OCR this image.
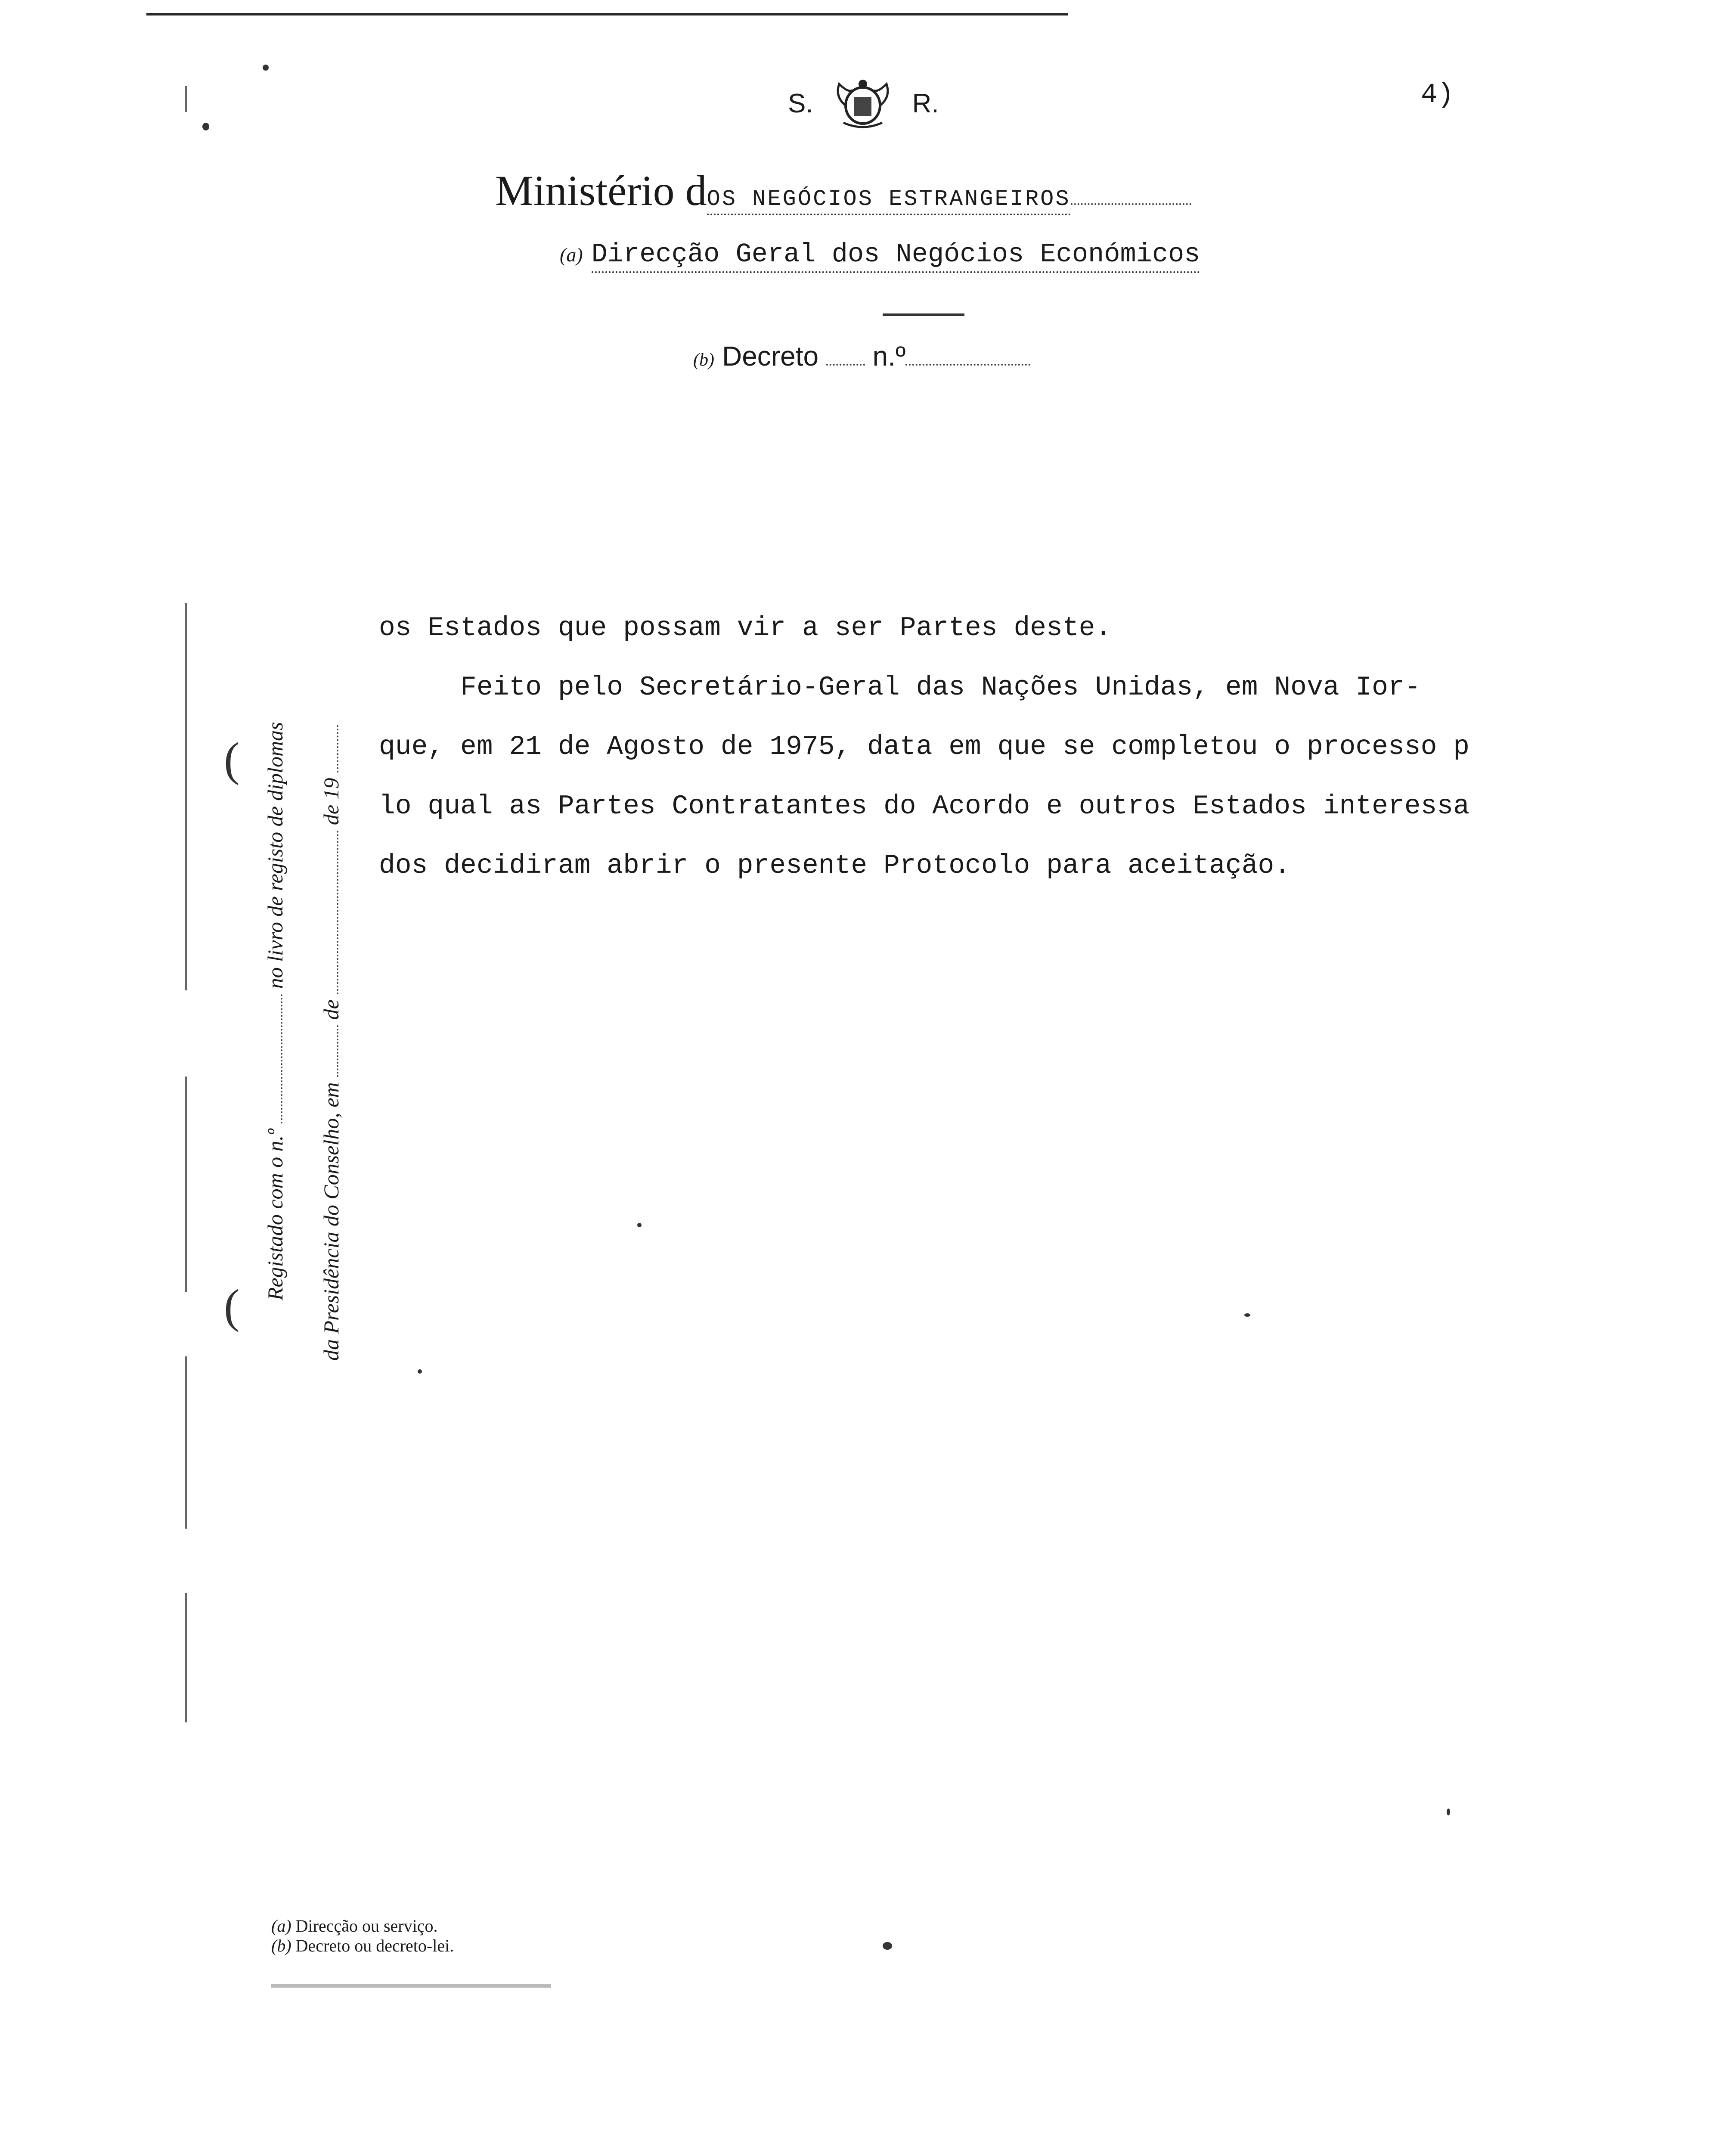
S.	R.	4)
Ministério dOS NEGÓCIOS ESTRANGEIROS
(a) Direcção Geral dos Negócios Económicos
(b) Decreto n.º
os Estados que possam vir a ser Partes deste.
Feito pelo Secretário-Geral das Nações Unidas, em Nova Ior-
que, em 21 de Agosto de 1975, data em que se completou o processo p
lo qual as Partes Contratantes do Acordo e outros Estados interessa
dos decidiram abrir o presente Protocolo para aceitação.
Registado com o n.º  no livro de registo de diplomas
da Presidência do Conselho, em  de  de 19
(
(
(a) Direcção ou serviço.
(b) Decreto ou decreto-lei.
